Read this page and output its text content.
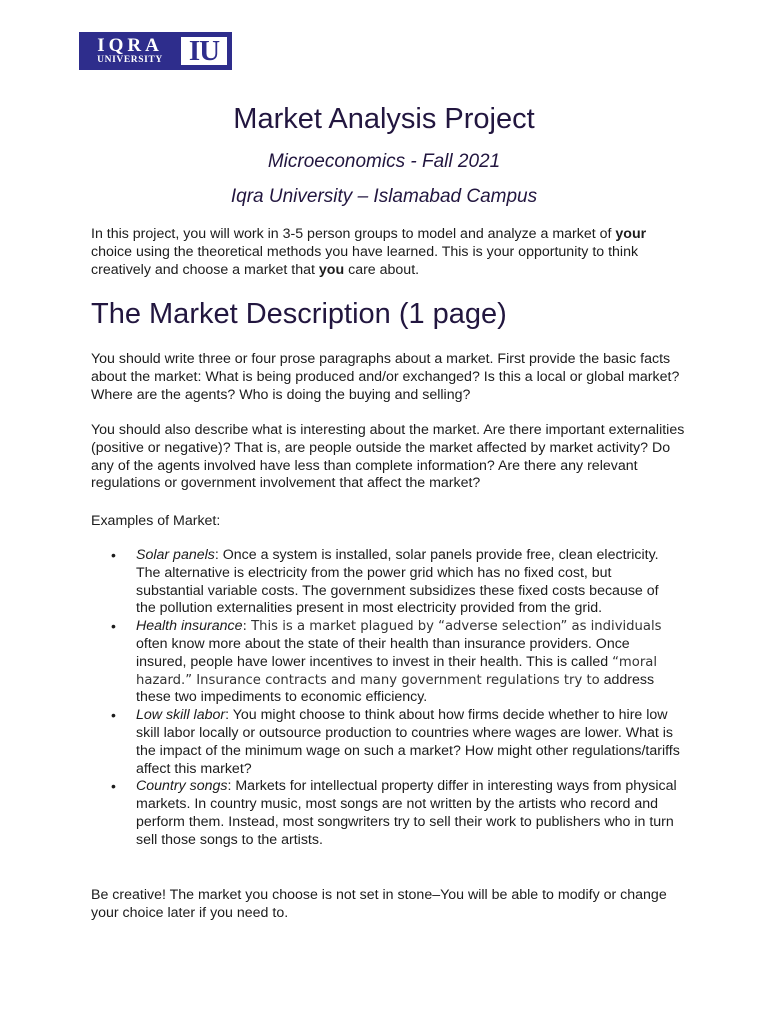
IQRA
UNIVERSITY IU
Market Analysis Project

Microeconomics - Fall 2021

Iqra University – Islamabad Campus

In this project, you will work in 3-5 person groups to model and analyze a market of your choice using the theoretical methods you have learned. This is your opportunity to think creatively and choose a market that you care about.

The Market Description (1 page)

You should write three or four prose paragraphs about a market. First provide the basic facts about the market: What is being produced and/or exchanged? Is this a local or global market? Where are the agents? Who is doing the buying and selling?

You should also describe what is interesting about the market. Are there important externalities (positive or negative)? That is, are people outside the market affected by market activity? Do any of the agents involved have less than complete information? Are there any relevant regulations or government involvement that affect the market?

Examples of Market:

• Solar panels: Once a system is installed, solar panels provide free, clean electricity. The alternative is electricity from the power grid which has no fixed cost, but substantial variable costs. The government subsidizes these fixed costs because of the pollution externalities present in most electricity provided from the grid.
• Health insurance: This is a market plagued by “adverse selection” as individuals often know more about the state of their health than insurance providers. Once insured, people have lower incentives to invest in their health. This is called “moral hazard.” Insurance contracts and many government regulations try to address these two impediments to economic efficiency.
• Low skill labor: You might choose to think about how firms decide whether to hire low skill labor locally or outsource production to countries where wages are lower. What is the impact of the minimum wage on such a market? How might other regulations/tariffs affect this market?
• Country songs: Markets for intellectual property differ in interesting ways from physical markets. In country music, most songs are not written by the artists who record and perform them. Instead, most songwriters try to sell their work to publishers who in turn sell those songs to the artists.

Be creative! The market you choose is not set in stone–You will be able to modify or change your choice later if you need to.
